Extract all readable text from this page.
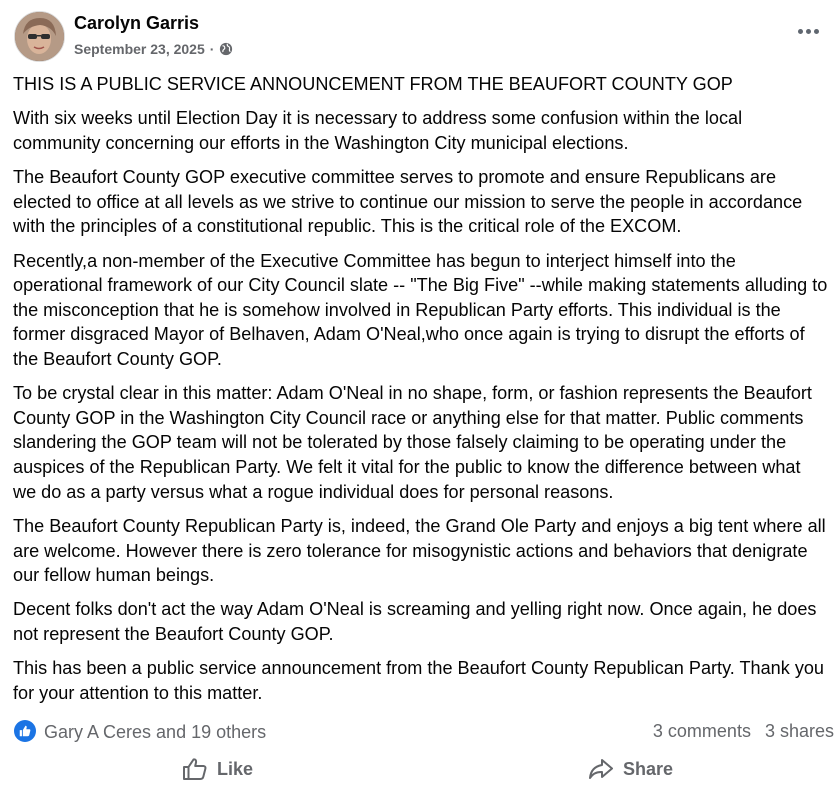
Carolyn Garris
September 23, 2025 ·

THIS IS A PUBLIC SERVICE ANNOUNCEMENT FROM THE BEAUFORT COUNTY GOP

With six weeks until Election Day it is necessary to address some confusion within the local community concerning our efforts in the Washington City municipal elections.

The Beaufort County GOP executive committee serves to promote and ensure Republicans are elected to office at all levels as we strive to continue our mission to serve the people in accordance with the principles of a constitutional republic. This is the critical role of the EXCOM.

Recently,a non-member of the Executive Committee has begun to interject himself into the operational framework of our City Council slate -- "The Big Five" --while making statements alluding to the misconception that he is somehow involved in Republican Party efforts. This individual is the former disgraced Mayor of Belhaven, Adam O'Neal,who once again is trying to disrupt the efforts of the Beaufort County GOP.

To be crystal clear in this matter: Adam O'Neal in no shape, form, or fashion represents the Beaufort County GOP in the Washington City Council race or anything else for that matter. Public comments slandering the GOP team will not be tolerated by those falsely claiming to be operating under the auspices of the Republican Party. We felt it vital for the public to know the difference between what we do as a party versus what a rogue individual does for personal reasons.

The Beaufort County Republican Party is, indeed, the Grand Ole Party and enjoys a big tent where all are welcome. However there is zero tolerance for misogynistic actions and behaviors that denigrate our fellow human beings.

Decent folks don't act the way Adam O'Neal is screaming and yelling right now. Once again, he does not represent the Beaufort County GOP.

This has been a public service announcement from the Beaufort County Republican Party. Thank you for your attention to this matter.

Gary A Ceres and 19 others	3 comments 3 shares
Like	Share
